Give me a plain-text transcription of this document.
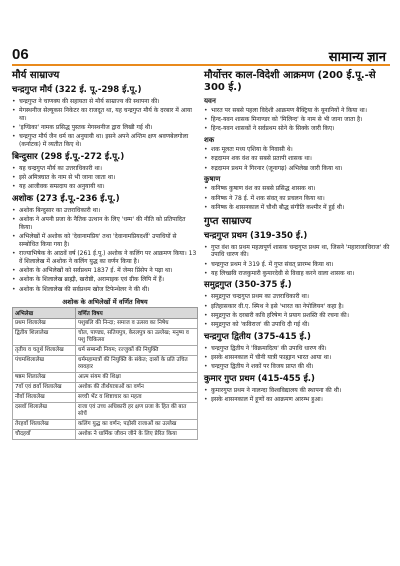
06	सामान्य ज्ञान
मौर्य साम्राज्य
चन्द्रगुप्त मौर्य (322 ई. पू.-298 ई.पू.)
• चन्द्रगुप्त ने चाणक्य की सहायता से मौर्य साम्राज्य की स्थापना की।
• मेगस्थनीज सेल्यूकस निकेटर का राजदूत था, यह चन्द्रगुप्त मौर्य के दरबार में आया था।
• 'इण्डिका' नामक प्रसिद्ध पुस्तक मेगस्थनीज द्वारा लिखी गई थी।
• चन्द्रगुप्त मौर्य जैन धर्म का अनुयायी था। इसने अपने अन्तिम क्षण श्रवणबेलगोला (कर्नाटक) में व्यतीत किए थे।
बिन्दुसार (298 ई.पू.-272 ई.पू.)
• यह चन्द्रगुप्त मौर्य का उत्तराधिकारी था।
• इसे अमित्रघात के नाम से भी जाना जाता था।
• यह आजीवक सम्प्रदाय का अनुयायी था।
अशोक (273 ई.पू.-236 ई.पू.)
• अशोक बिन्दुसार का उत्तराधिकारी था।
• अशोक ने अपनी प्रजा के नैतिक उत्थान के लिए 'धम्म' की नीति को प्रतिपादित किया।
• अभिलेखों में अशोक को 'देवानामप्रिय' तथा 'देवानामप्रियदर्शी' उपाधियों से सम्बोधित किया गया है।
• राज्याभिषेक के आठवें वर्ष (261 ई.पू.) अशोक ने कलिंग पर आक्रमण किया। 13 वें शिलालेख में अशोक ने कलिंग युद्ध का वर्णन किया है।
• अशोक के अभिलेखों को सर्वप्रथम 1837 ई. में जेम्स प्रिंसेप ने पढ़ा था।
• अशोक के शिलालेख ब्राह्मी, खरोष्ठी, अरामाइक एवं ग्रीक लिपि में हैं।
• अशोक के शिलालेख की सर्वप्रथम खोज टिफेन्थेलर ने की थी।
अशोक के अभिलेखों में वर्णित विषय
अभिलेख	वर्णित विषय
प्रथम शिलालेख	पशुबलि की निन्दा; समाज व उत्सव का निषेध
द्वितीय शिलालेख	चोल, पाण्ड्य, सतियपुत्र, केरलपुत्र का उल्लेख; मनुष्य व पशु चिकित्सा
तृतीय व चतुर्थ शिलालेख	धर्म सम्बन्धी नियम; रज्जुकों की नियुक्ति
पंचमशिलालेख	धर्ममहामात्रों की नियुक्ति के संकेत; दासों के प्रति उचित व्यवहार
षष्ठम शिलालेख	आत्म संयम की शिक्षा
7वाँ एवं 8वाँ शिलालेख	अशोक की तीर्थयात्राओं का वर्णन
नौवाँ शिलालेख	सच्ची भेंट व शिष्टाचार का महत्व
दसवाँ शिलालेख	राजा एवं उच्च अधिकारी हर क्षण प्रजा के हित की बात सोचें
तेरहवाँ शिलालेख	कलिंग युद्ध का वर्णन; पड़ोसी राजाओं का उल्लेख
चौदहवाँ	अशोक ने धार्मिक जीवन जीने के लिए प्रेरित किया
मौर्योत्तर काल-विदेशी आक्रमण (200 ई.पू.-से 300 ई.)
यवन
• भारत पर सबसे पहला विदेशी आक्रमण बैक्ट्रिया के यूनानियों ने किया था।
• हिन्द-यवन शासक मिनाण्डर को 'मिलिन्द' के नाम से भी जाना जाता है।
• हिन्द-यवन शासकों ने सर्वप्रथम सोने के सिक्के जारी किए।
शक
• शक मूलतः मध्य एशिया के निवासी थे।
• रुद्रदामन शक वंश का सबसे प्रतापी शासक था।
• रुद्रदामन प्रथम ने गिरनार (जूनागढ़) अभिलेख जारी किया था।
कुषाण
• कनिष्क कुषाण वंश का सबसे प्रसिद्ध शासक था।
• कनिष्क ने 78 ई. में शक संवत् का प्रचलन किया था।
• कनिष्क के शासनकाल में चौथी बौद्ध संगीति कश्मीर में हुई थी।
गुप्त साम्राज्य
चन्द्रगुप्त प्रथम (319-350 ई.)
• गुप्त वंश का प्रथम महत्वपूर्ण शासक चन्द्रगुप्त प्रथम था, जिसने 'महाराजाधिराज' की उपाधि धारण की।
• चन्द्रगुप्त प्रथम ने 319 ई. में गुप्त संवत् प्रारम्भ किया था।
• यह लिच्छवि राजकुमारी कुमारदेवी से विवाह करने वाला शासक था।
समुद्रगुप्त (350-375 ई.)
• समुद्रगुप्त चन्द्रगुप्त प्रथम का उत्तराधिकारी था।
• इतिहासकार वी.ए. स्मिथ ने इसे 'भारत का नेपोलियन' कहा है।
• समुद्रगुप्त के दरबारी कवि हरिषेण ने प्रयाग प्रशस्ति की रचना की।
• समुद्रगुप्त को 'कविराज' की उपाधि दी गई थी।
चन्द्रगुप्त द्वितीय (375-415 ई.)
• चन्द्रगुप्त द्वितीय ने 'विक्रमादित्य' की उपाधि धारण की।
• इसके शासनकाल में चीनी यात्री फाह्यान भारत आया था।
• चन्द्रगुप्त द्वितीय ने शकों पर विजय प्राप्त की थी।
कुमार गुप्त प्रथम (415-455 ई.)
• कुमारगुप्त प्रथम ने नालन्दा विश्वविद्यालय की स्थापना की थी।
• इसके शासनकाल में हूणों का आक्रमण आरम्भ हुआ।
